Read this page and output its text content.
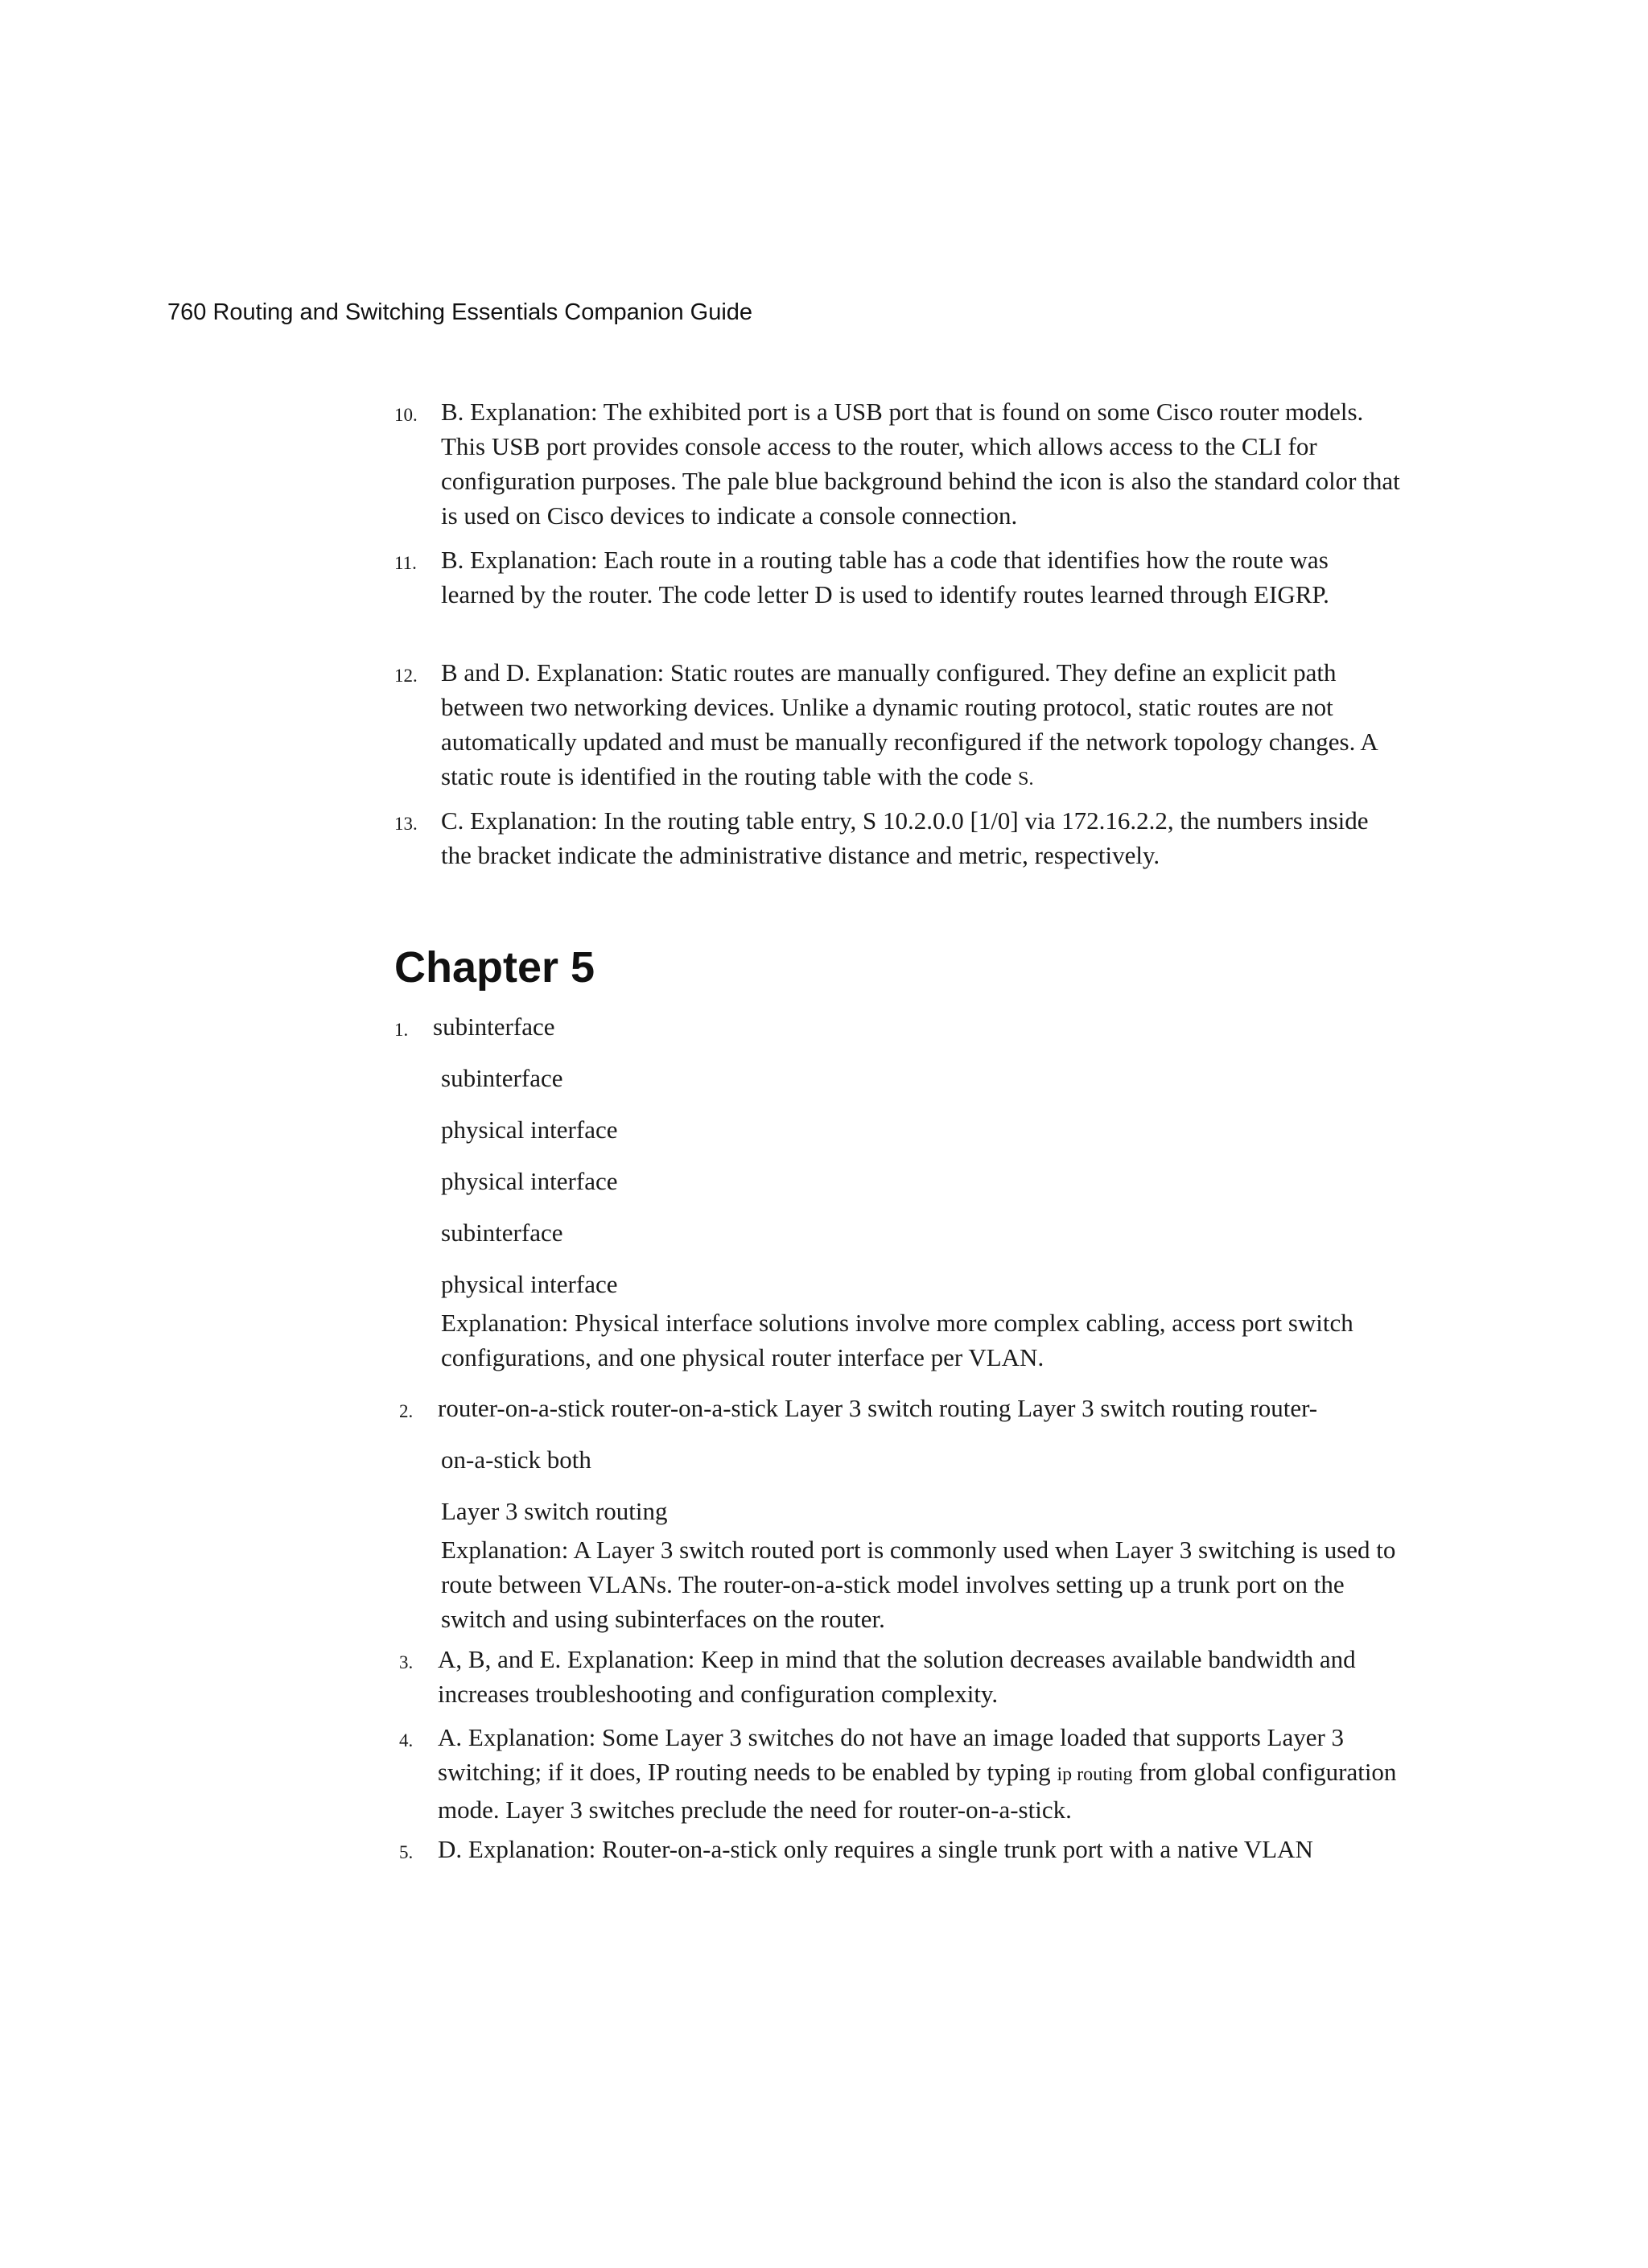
760 Routing and Switching Essentials Companion Guide
10. B. Explanation: The exhibited port is a USB port that is found on some Cisco router models. This USB port provides console access to the router, which allows access to the CLI for configuration purposes. The pale blue background behind the icon is also the standard color that is used on Cisco devices to indicate a console connection.
11. B. Explanation: Each route in a routing table has a code that identifies how the route was learned by the router. The code letter D is used to identify routes learned through EIGRP.
12. B and D. Explanation: Static routes are manually configured. They define an explicit path between two networking devices. Unlike a dynamic routing protocol, static routes are not automatically updated and must be manually reconfigured if the network topology changes. A static route is identified in the routing table with the code S.
13. C. Explanation: In the routing table entry, S 10.2.0.0 [1/0] via 172.16.2.2, the numbers inside the bracket indicate the administrative distance and metric, respectively.
Chapter 5
1. subinterface
subinterface
physical interface
physical interface
subinterface
physical interface
Explanation: Physical interface solutions involve more complex cabling, access port switch configurations, and one physical router interface per VLAN.
2. router-on-a-stick router-on-a-stick Layer 3 switch routing Layer 3 switch routing router-
on-a-stick both
Layer 3 switch routing
Explanation: A Layer 3 switch routed port is commonly used when Layer 3 switching is used to route between VLANs. The router-on-a-stick model involves setting up a trunk port on the switch and using subinterfaces on the router.
3. A, B, and E. Explanation: Keep in mind that the solution decreases available bandwidth and increases troubleshooting and configuration complexity.
4. A. Explanation: Some Layer 3 switches do not have an image loaded that supports Layer 3 switching; if it does, IP routing needs to be enabled by typing ip routing from global configuration mode. Layer 3 switches preclude the need for router-on-a-stick.
5. D. Explanation: Router-on-a-stick only requires a single trunk port with a native VLAN
